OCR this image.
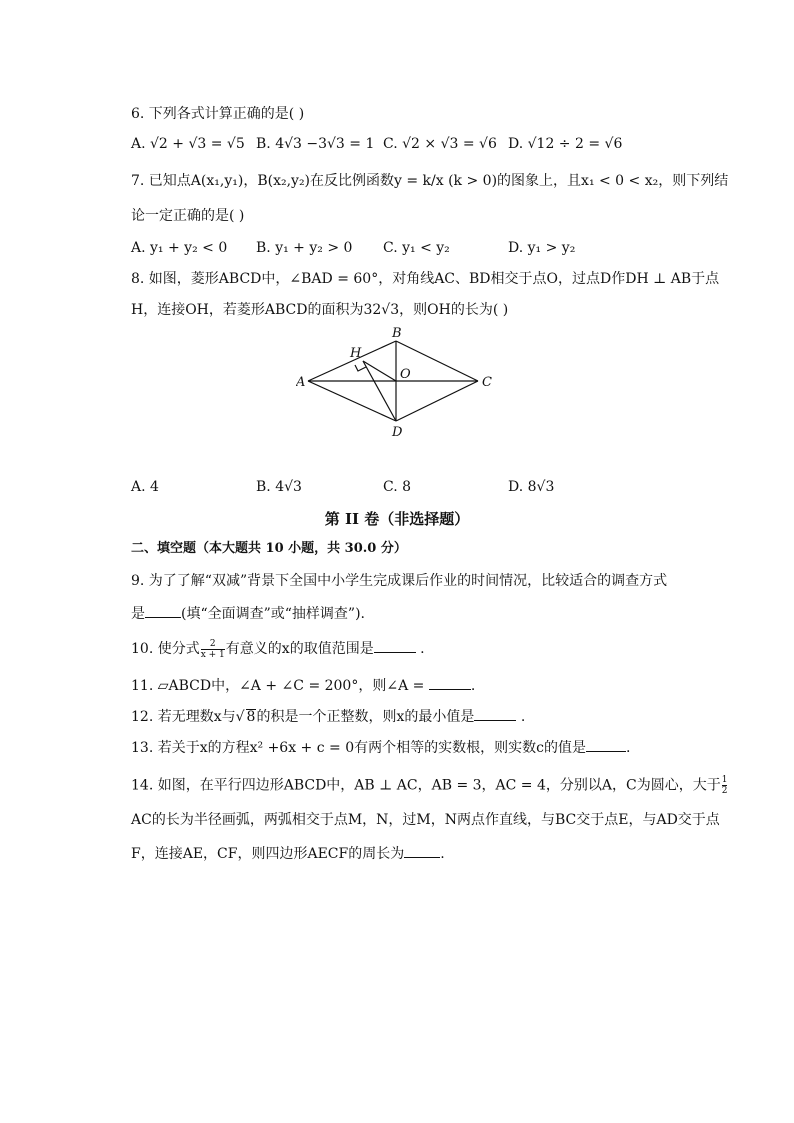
6. 下列各式计算正确的是( )
A. √2 + √3 = √5 B. 4√3 −3√3 = 1 C. √2 × √3 = √6 D. √12 ÷ 2 = √6
7. 已知点A(x₁,y₁)，B(x₂,y₂)在反比例函数y = k/x (k > 0)的图象上，且x₁ < 0 < x₂，则下列结
论一定正确的是( )
A. y₁ + y₂ < 0 B. y₁ + y₂ > 0 C. y₁ < y₂	D. y₁ > y₂
8. 如图，菱形ABCD中，∠BAD = 60°，对角线AC、BD相交于点O，过点D作DH ⊥ AB于点
H，连接OH，若菱形ABCD的面积为32√3，则OH的长为( )
A
B
C
D
H
O
A. 4	B. 4√3	C. 8	D. 8√3
第 II 卷（非选择题）
二、填空题（本大题共 10 小题，共 30.0 分）
9. 为了了解“双减”背景下全国中小学生完成课后作业的时间情况，比较适合的调查方式
是	(填“全面调查”或“抽样调查”).
10. 使分式 $\frac{2}{x + 1}$ 有意义的x的取值范围是	.
11. ▱ABCD中，∠A + ∠C = 200°，则∠A =	.
12. 若无理数x与√ 8的积是一个正整数，则x的最小值是	.
13. 若关于x的方程x² +6x + c = 0有两个相等的实数根，则实数c的值是	.
14. 如图，在平行四边形ABCD中，AB ⊥ AC，AB = 3，AC = 4，分别以A，C为圆心，大于 $\frac{1}{2}$
AC的长为半径画弧，两弧相交于点M，N，过M，N两点作直线，与BC交于点E，与AD交于点
F，连接AE，CF，则四边形AECF的周长为	.
